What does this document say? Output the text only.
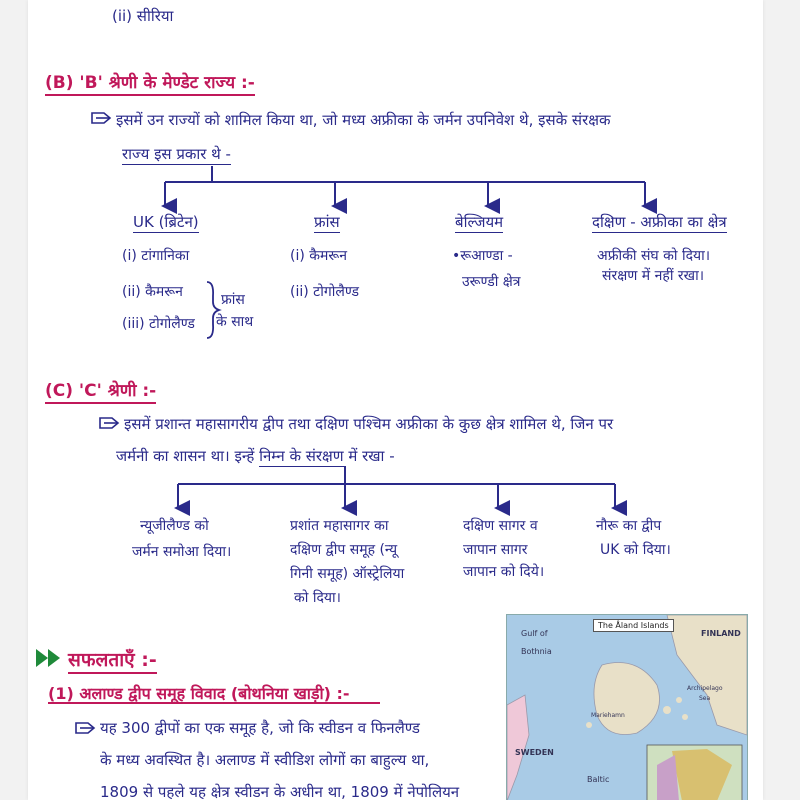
(ii) सीरिया
(B) 'B' श्रेणी के मेण्डेट राज्य :-
इसमें उन राज्यों को शामिल किया था, जो मध्य अफ्रीका के जर्मन उपनिवेश थे, इसके संरक्षक
राज्य इस प्रकार थे -
UK (ब्रिटेन)
(i) टांगानिका
(ii) कैमरून
(iii) टोगोलैण्ड
फ्रांस
के साथ
फ्रांस
(i) कैमरून
(ii) टोगोलैण्ड
बेल्जियम
•रूआण्डा -
उरूण्डी क्षेत्र
दक्षिण - अफ्रीका का क्षेत्र
अफ्रीकी संघ को दिया।
संरक्षण में नहीं रखा।
(C) 'C' श्रेणी :-
इसमें प्रशान्त महासागरीय द्वीप तथा दक्षिण पश्चिम अफ्रीका के कुछ क्षेत्र शामिल थे, जिन पर
जर्मनी का शासन था। इन्हें निम्न के संरक्षण में रखा -
न्यूजीलैण्ड को
जर्मन समोआ दिया।
प्रशांत महासागर का
दक्षिण द्वीप समूह (न्यू
गिनी समूह) ऑस्ट्रेलिया
को दिया।
दक्षिण सागर व
जापान सागर
जापान को दिये।
नौरू का द्वीप
UK को दिया।
सफलताएँ :-
(1) अलाण्ड द्वीप समूह विवाद (बोथनिया खाड़ी) :-
यह 300 द्वीपों का एक समूह है, जो कि स्वीडन व फिनलैण्ड
के मध्य अवस्थित है। अलाण्ड में स्वीडिश लोगों का बाहुल्य था,
1809 से पहले यह क्षेत्र स्वीडन के अधीन था, 1809 में नेपोलियन
The Åland Islands
Gulf of
Bothnia
FINLAND
SWEDEN
Baltic
Mariehamn
Archipelago
Sea
